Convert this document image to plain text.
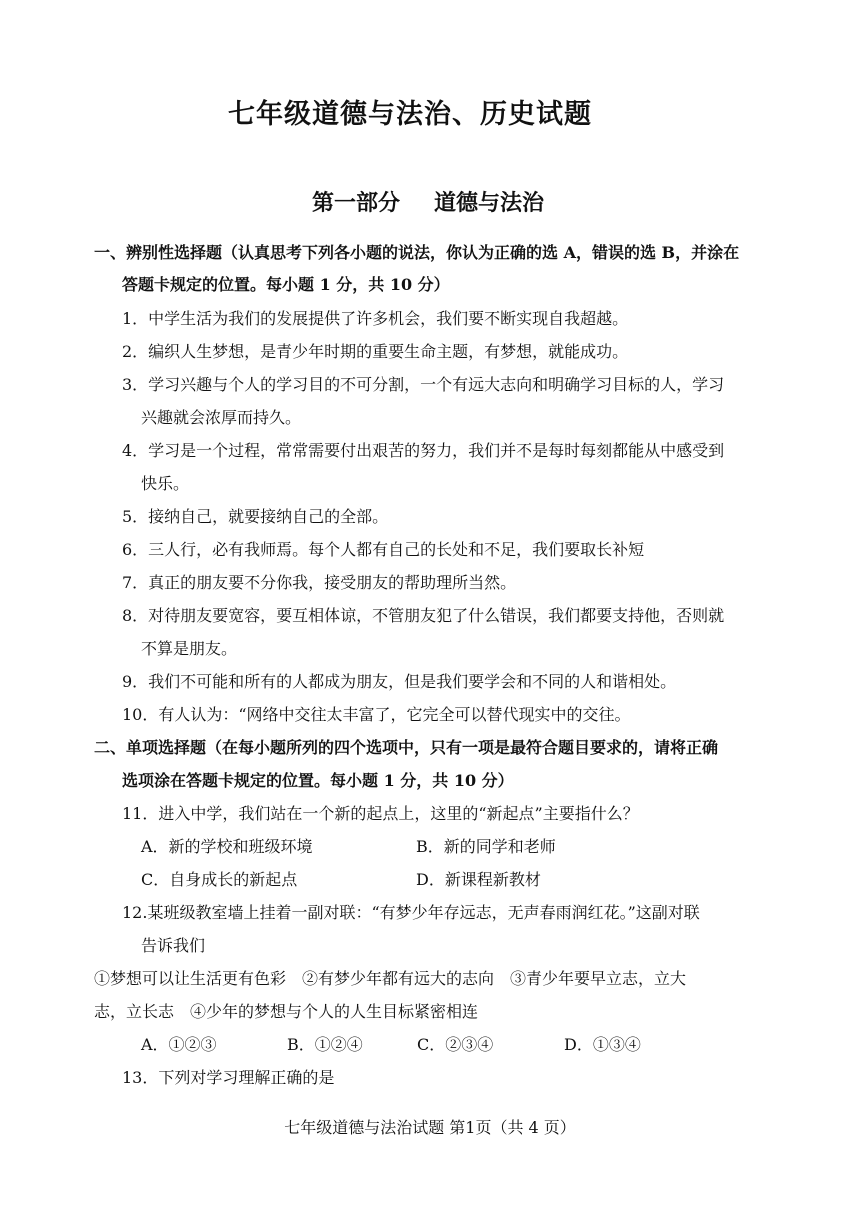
七年级道德与法治、历史试题
第一部分 道德与法治
一、辨别性选择题（认真思考下列各小题的说法，你认为正确的选 A，错误的选 B，并涂在
答题卡规定的位置。每小题 1 分，共 10 分）
1．中学生活为我们的发展提供了许多机会，我们要不断实现自我超越。
2．编织人生梦想，是青少年时期的重要生命主题，有梦想，就能成功。
3．学习兴趣与个人的学习目的不可分割，一个有远大志向和明确学习目标的人，学习
兴趣就会浓厚而持久。
4．学习是一个过程，常常需要付出艰苦的努力，我们并不是每时每刻都能从中感受到
快乐。
5．接纳自己，就要接纳自己的全部。
6．三人行，必有我师焉。每个人都有自己的长处和不足，我们要取长补短
7．真正的朋友要不分你我，接受朋友的帮助理所当然。
8．对待朋友要宽容，要互相体谅，不管朋友犯了什么错误，我们都要支持他，否则就
不算是朋友。
9．我们不可能和所有的人都成为朋友，但是我们要学会和不同的人和谐相处。
10．有人认为：“网络中交往太丰富了，它完全可以替代现实中的交往。
二、单项选择题（在每小题所列的四个选项中，只有一项是最符合题目要求的，请将正确
选项涂在答题卡规定的位置。每小题 1 分，共 10 分）
11．进入中学，我们站在一个新的起点上，这里的“新起点”主要指什么？
A．新的学校和班级环境	B．新的同学和老师
C．自身成长的新起点	D．新课程新教材
12.某班级教室墙上挂着一副对联：“有梦少年存远志，无声春雨润红花。”这副对联
告诉我们
①梦想可以让生活更有色彩　②有梦少年都有远大的志向　③青少年要早立志，立大
志，立长志　④少年的梦想与个人的人生目标紧密相连
A．①②③	B．①②④	C．②③④	D．①③④
13．下列对学习理解正确的是
七年级道德与法治试题 第1页（共 4 页）
